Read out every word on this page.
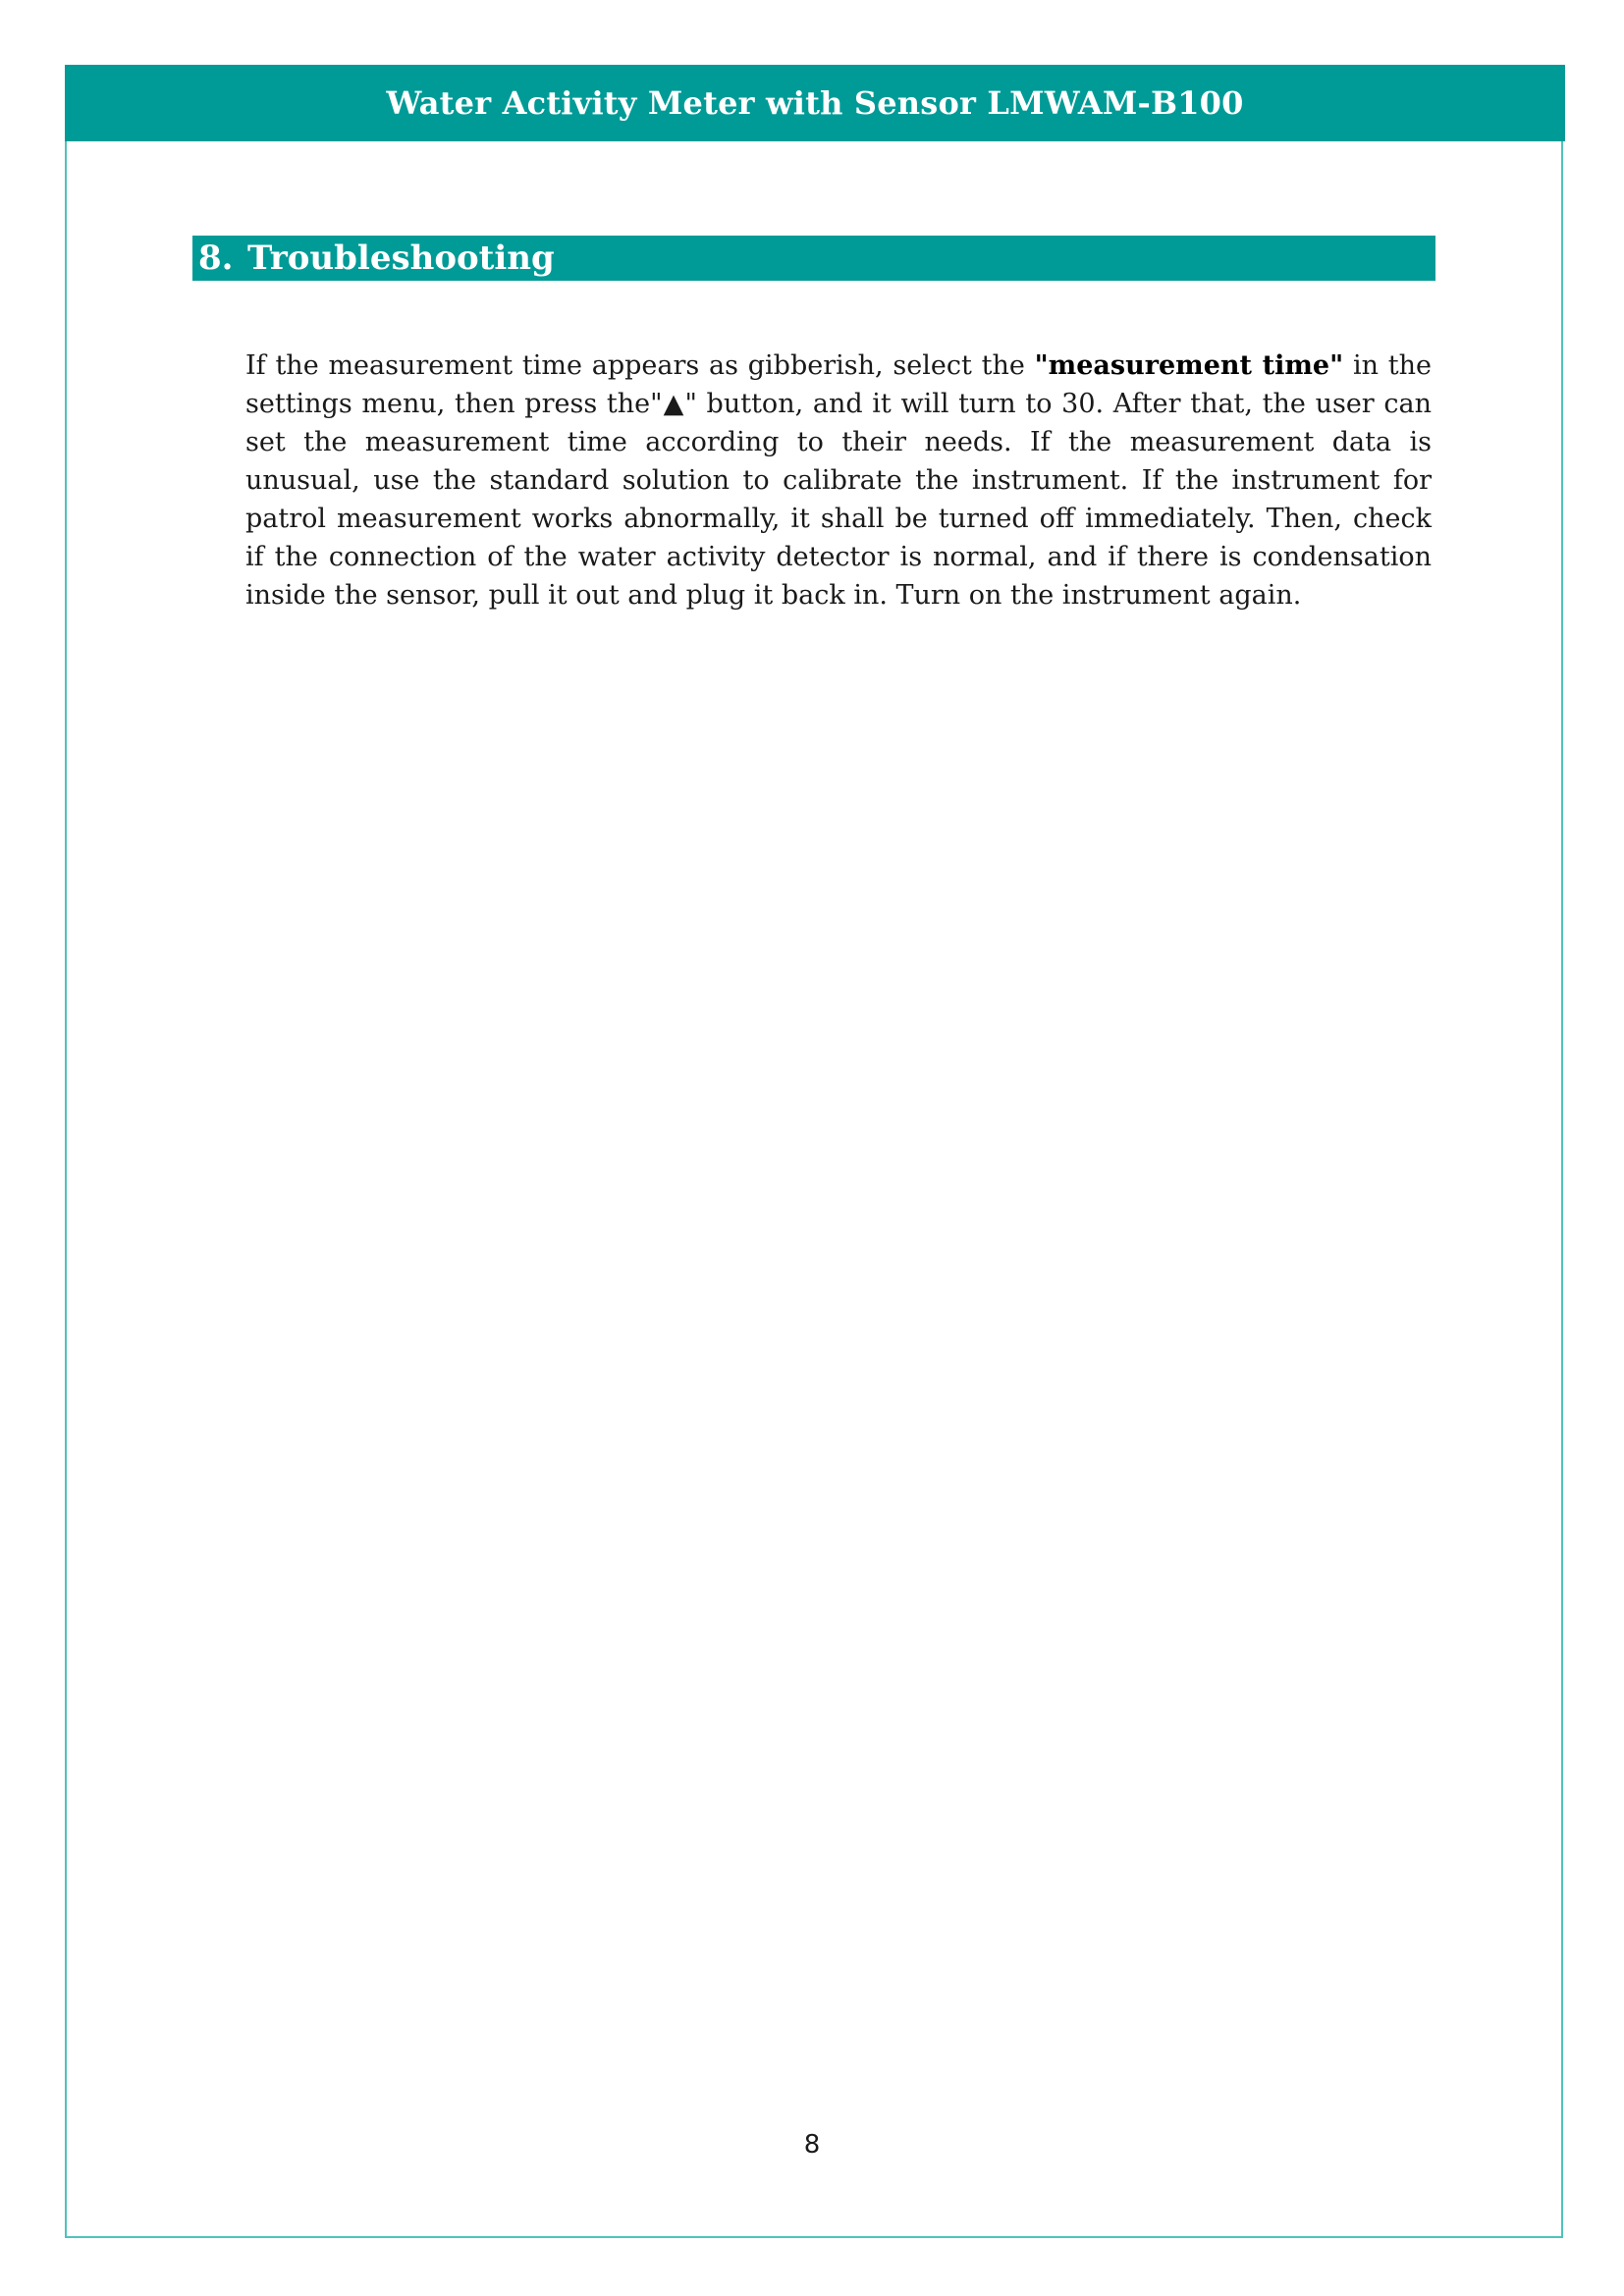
Water Activity Meter with Sensor LMWAM-B100
8. Troubleshooting

If the measurement time appears as gibberish, select the "measurement time" in the settings menu, then press the"▲" button, and it will turn to 30. After that, the user can set the measurement time according to their needs. If the measurement data is unusual, use the standard solution to calibrate the instrument. If the instrument for patrol measurement works abnormally, it shall be turned off immediately. Then, check if the connection of the water activity detector is normal, and if there is condensation inside the sensor, pull it out and plug it back in. Turn on the instrument again.

8
